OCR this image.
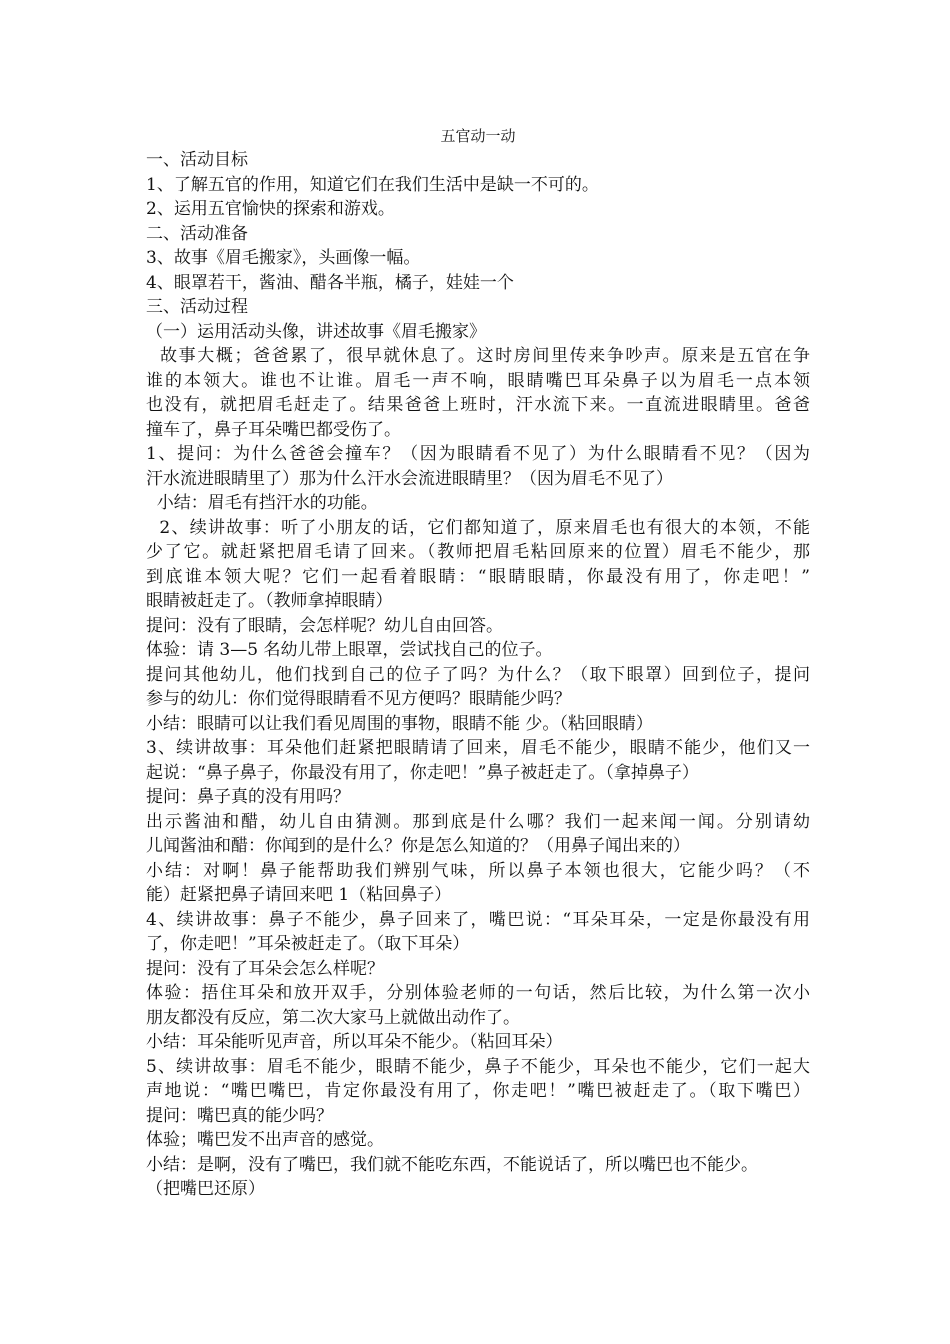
五官动一动

一、活动目标

1、了解五官的作用，知道它们在我们生活中是缺一不可的。

2、运用五官愉快的探索和游戏。

二、活动准备

3、故事《眉毛搬家》，头画像一幅。

4、眼罩若干，酱油、醋各半瓶，橘子，娃娃一个

三、活动过程

（一）运用活动头像，讲述故事《眉毛搬家》

故事大概；爸爸累了，很早就休息了。这时房间里传来争吵声。原来是五官在争

谁的本领大。谁也不让谁。眉毛一声不响，眼睛嘴巴耳朵鼻子以为眉毛一点本领

也没有，就把眉毛赶走了。结果爸爸上班时，汗水流下来。一直流进眼睛里。爸爸

撞车了，鼻子耳朵嘴巴都受伤了。

1、提问：为什么爸爸会撞车？（因为眼睛看不见了）为什么眼睛看不见？（因为

汗水流进眼睛里了）那为什么汗水会流进眼睛里？（因为眉毛不见了）

小结：眉毛有挡汗水的功能。

2、续讲故事：听了小朋友的话，它们都知道了，原来眉毛也有很大的本领，不能

少了它。就赶紧把眉毛请了回来。（教师把眉毛粘回原来的位置）眉毛不能少，那

到底谁本领大呢？它们一起看着眼睛：“眼睛眼睛，你最没有用了，你走吧！”

眼睛被赶走了。（教师拿掉眼睛）

提问：没有了眼睛，会怎样呢？幼儿自由回答。

体验：请 3—5 名幼儿带上眼罩，尝试找自己的位子。

提问其他幼儿，他们找到自己的位子了吗？为什么？（取下眼罩）回到位子，提问

参与的幼儿：你们觉得眼睛看不见方便吗？眼睛能少吗？

小结：眼睛可以让我们看见周围的事物，眼睛不能 少。（粘回眼睛）

3、续讲故事：耳朵他们赶紧把眼睛请了回来，眉毛不能少，眼睛不能少，他们又一

起说：“鼻子鼻子，你最没有用了，你走吧！”鼻子被赶走了。（拿掉鼻子）

提问：鼻子真的没有用吗？

出示酱油和醋，幼儿自由猜测。那到底是什么哪？我们一起来闻一闻。分别请幼

儿闻酱油和醋：你闻到的是什么？你是怎么知道的？（用鼻子闻出来的）

小结：对啊！鼻子能帮助我们辨别气味，所以鼻子本领也很大，它能少吗？（不

能）赶紧把鼻子请回来吧 1（粘回鼻子）

4、续讲故事：鼻子不能少，鼻子回来了，嘴巴说：“耳朵耳朵，一定是你最没有用

了，你走吧！”耳朵被赶走了。（取下耳朵）

提问：没有了耳朵会怎么样呢？

体验：捂住耳朵和放开双手，分别体验老师的一句话，然后比较，为什么第一次小

朋友都没有反应，第二次大家马上就做出动作了。

小结：耳朵能听见声音，所以耳朵不能少。（粘回耳朵）

5、续讲故事：眉毛不能少，眼睛不能少，鼻子不能少，耳朵也不能少，它们一起大

声地说：“嘴巴嘴巴，肯定你最没有用了，你走吧！”嘴巴被赶走了。（取下嘴巴）

提问：嘴巴真的能少吗？

体验；嘴巴发不出声音的感觉。

小结：是啊，没有了嘴巴，我们就不能吃东西，不能说话了，所以嘴巴也不能少。

（把嘴巴还原）
